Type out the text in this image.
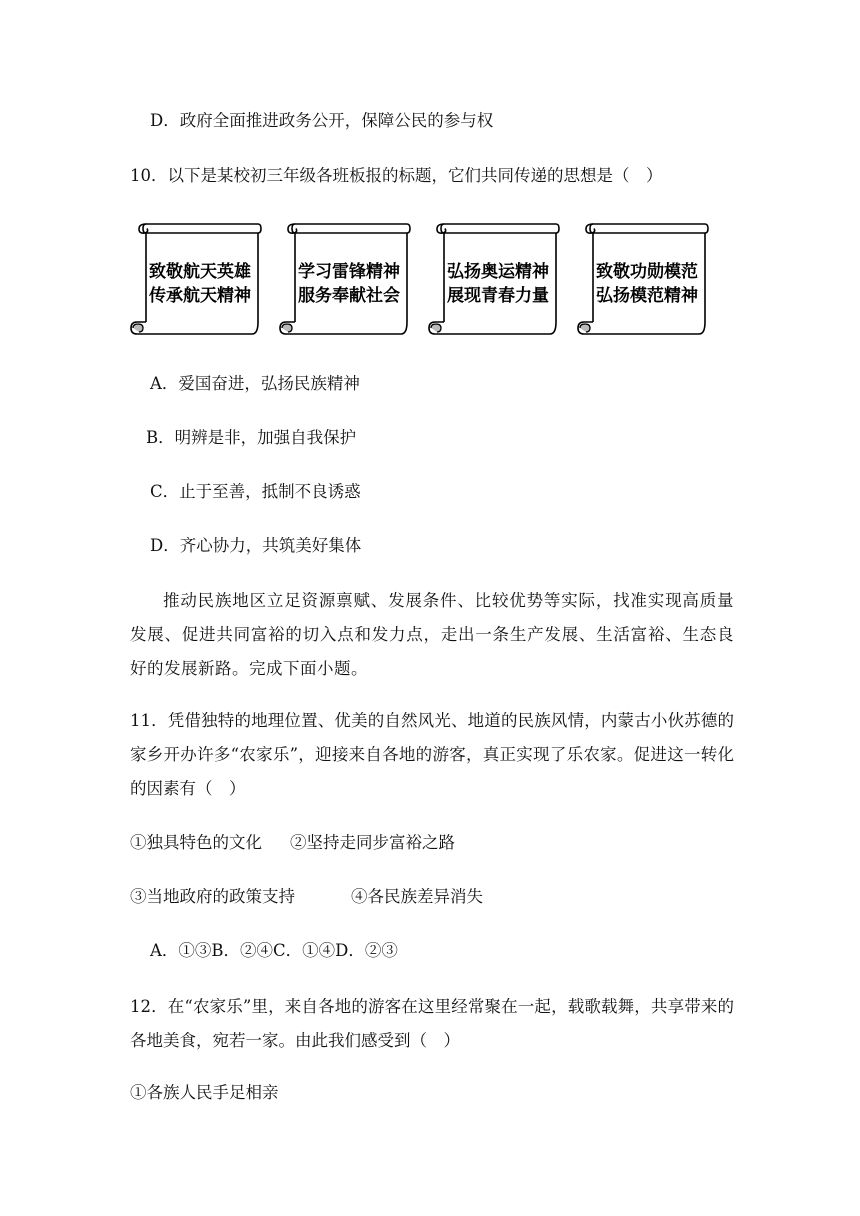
D．政府全面推进政务公开，保障公民的参与权
10．以下是某校初三年级各班板报的标题，它们共同传递的思想是（　）
致敬航天英雄
传承航天精神
学习雷锋精神
服务奉献社会
弘扬奥运精神
展现青春力量
致敬功勋模范
弘扬模范精神
A．爱国奋进，弘扬民族精神
B．明辨是非，加强自我保护
C．止于至善，抵制不良诱惑
D．齐心协力，共筑美好集体
推动民族地区立足资源禀赋、发展条件、比较优势等实际，找准实现高质量发展、促进共同富裕的切入点和发力点，走出一条生产发展、生活富裕、生态良好的发展新路。完成下面小题。
11．凭借独特的地理位置、优美的自然风光、地道的民族风情，内蒙古小伙苏德的家乡开办许多“农家乐”，迎接来自各地的游客，真正实现了乐农家。促进这一转化的因素有（　）
①独具特色的文化 ②坚持走同步富裕之路
③当地政府的政策支持	④各民族差异消失
A．①③B．②④C．①④D．②③
12．在“农家乐”里，来自各地的游客在这里经常聚在一起，载歌载舞，共享带来的各地美食，宛若一家。由此我们感受到（　）
①各族人民手足相亲
